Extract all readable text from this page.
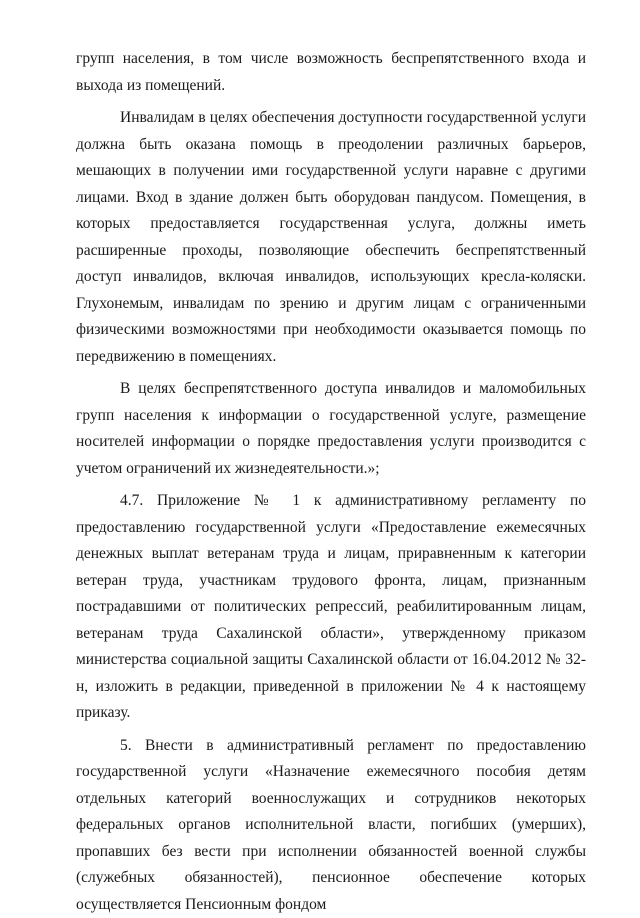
групп населения, в том числе возможность беспрепятственного входа и выхода из помещений.

Инвалидам в целях обеспечения доступности государственной услуги должна быть оказана помощь в преодолении различных барьеров, мешающих в получении ими государственной услуги наравне с другими лицами. Вход в здание должен быть оборудован пандусом. Помещения, в которых предоставляется государственная услуга, должны иметь расширенные проходы, позволяющие обеспечить беспрепятственный доступ инвалидов, включая инвалидов, использующих кресла-коляски. Глухонемым, инвалидам по зрению и другим лицам с ограниченными физическими возможностями при необходимости оказывается помощь по передвижению в помещениях.

В целях беспрепятственного доступа инвалидов и маломобильных групп населения к информации о государственной услуге, размещение носителей информации о порядке предоставления услуги производится с учетом ограничений их жизнедеятельности.»;

4.7. Приложение № 1 к административному регламенту по предоставлению государственной услуги «Предоставление ежемесячных денежных выплат ветеранам труда и лицам, приравненным к категории ветеран труда, участникам трудового фронта, лицам, признанным пострадавшими от политических репрессий, реабилитированным лицам, ветеранам труда Сахалинской области», утвержденному приказом министерства социальной защиты Сахалинской области от 16.04.2012 № 32-н, изложить в редакции, приведенной в приложении № 4 к настоящему приказу.

5. Внести в административный регламент по предоставлению государственной услуги «Назначение ежемесячного пособия детям отдельных категорий военнослужащих и сотрудников некоторых федеральных органов исполнительной власти, погибших (умерших), пропавших без вести при исполнении обязанностей военной службы (служебных обязанностей), пенсионное обеспечение которых осуществляется Пенсионным фондом
